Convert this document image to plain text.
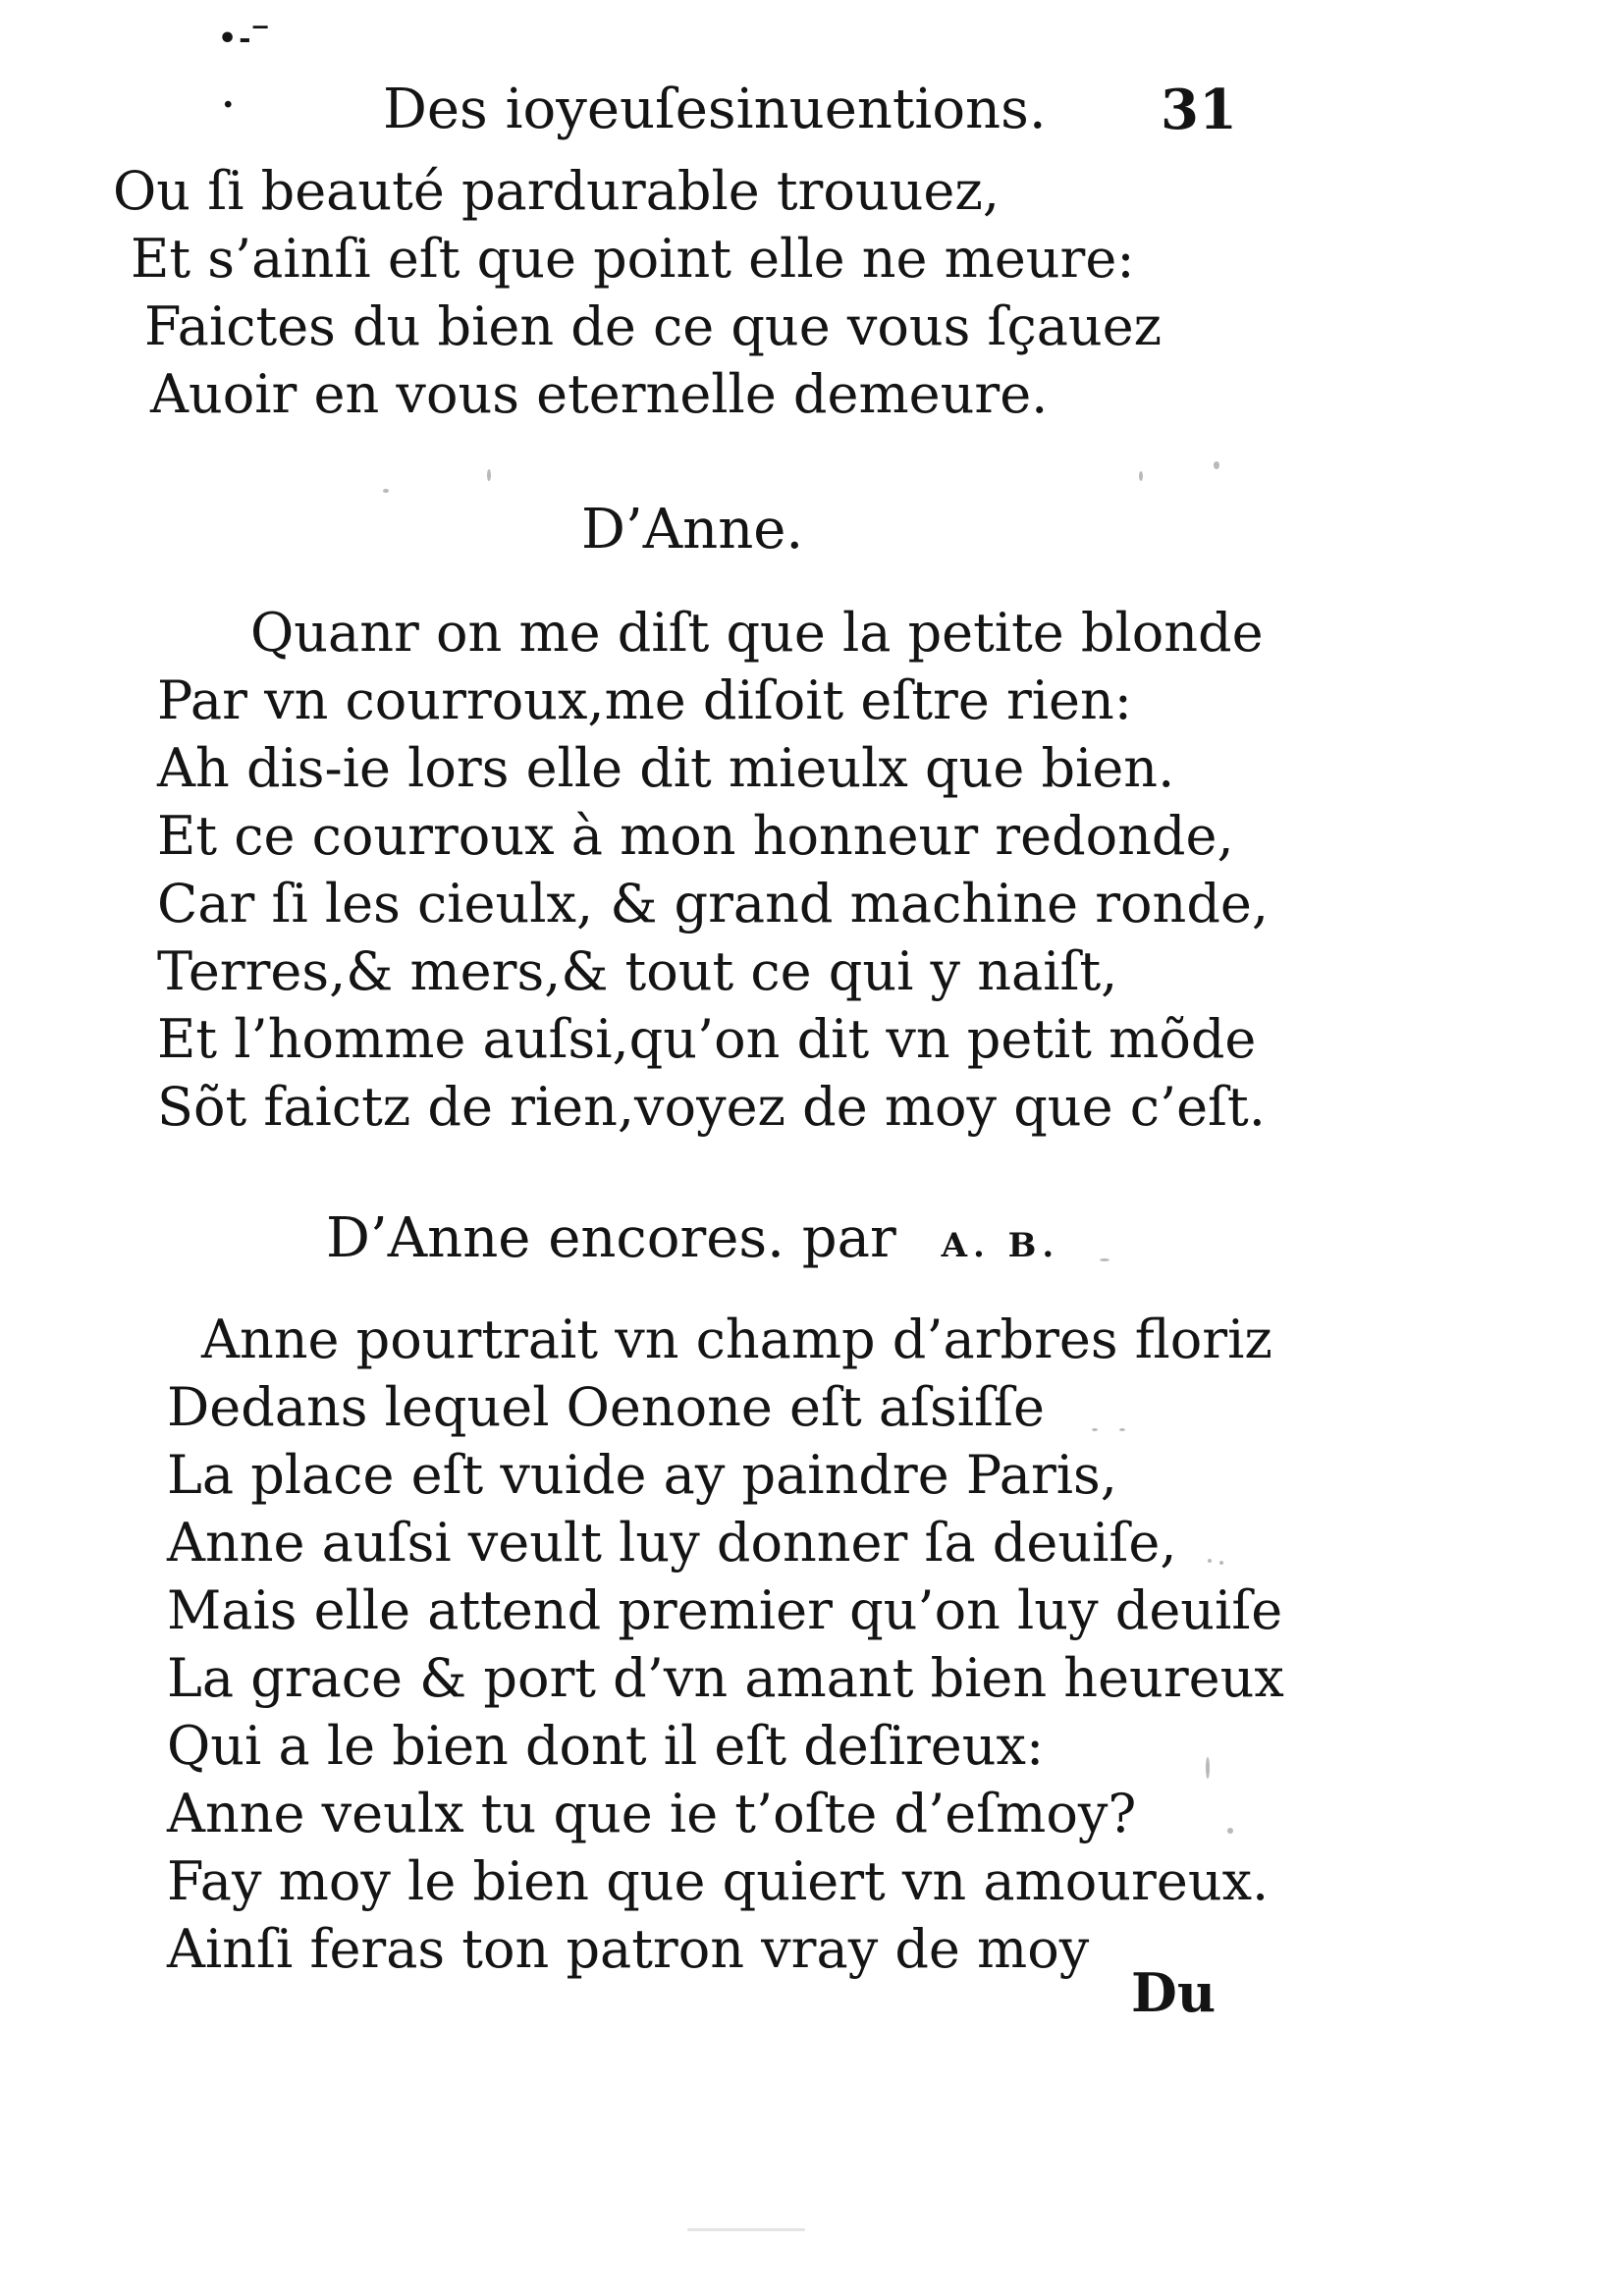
•-‾
·	Des ioyeuſesinuentions. 31
Ou ſi beauté pardurable trouuez,
Et s’ainſi eſt que point elle ne meure:
Faictes du bien de ce que vous ſçauez
Auoir en vous eternelle demeure.
D’Anne.
Quanr on me diſt que la petite blonde
Par vn courroux,me diſoit eſtre rien:
Ah dis-ie lors elle dit mieulx que bien.
Et ce courroux à mon honneur redonde,
Car ſi les cieulx, & grand machine ronde,
Terres,& mers,& tout ce qui y naiſt,
Et l’homme auſsi,qu’on dit vn petit mõde
Sõt faictz de rien,voyez de moy que c’eſt.
D’Anne encores. par A. B.
Anne pourtrait vn champ d’arbres floriz
Dedans lequel Oenone eſt aſsiſſe
La place eſt vuide ay paindre Paris,
Anne auſsi veult luy donner ſa deuiſe,
Mais elle attend premier qu’on luy deuiſe
La grace & port d’vn amant bien heureux
Qui a le bien dont il eſt deſireux:
Anne veulx tu que ie t’oſte d’eſmoy?
Fay moy le bien que quiert vn amoureux.
Ainſi feras ton patron vray de moy
Du
